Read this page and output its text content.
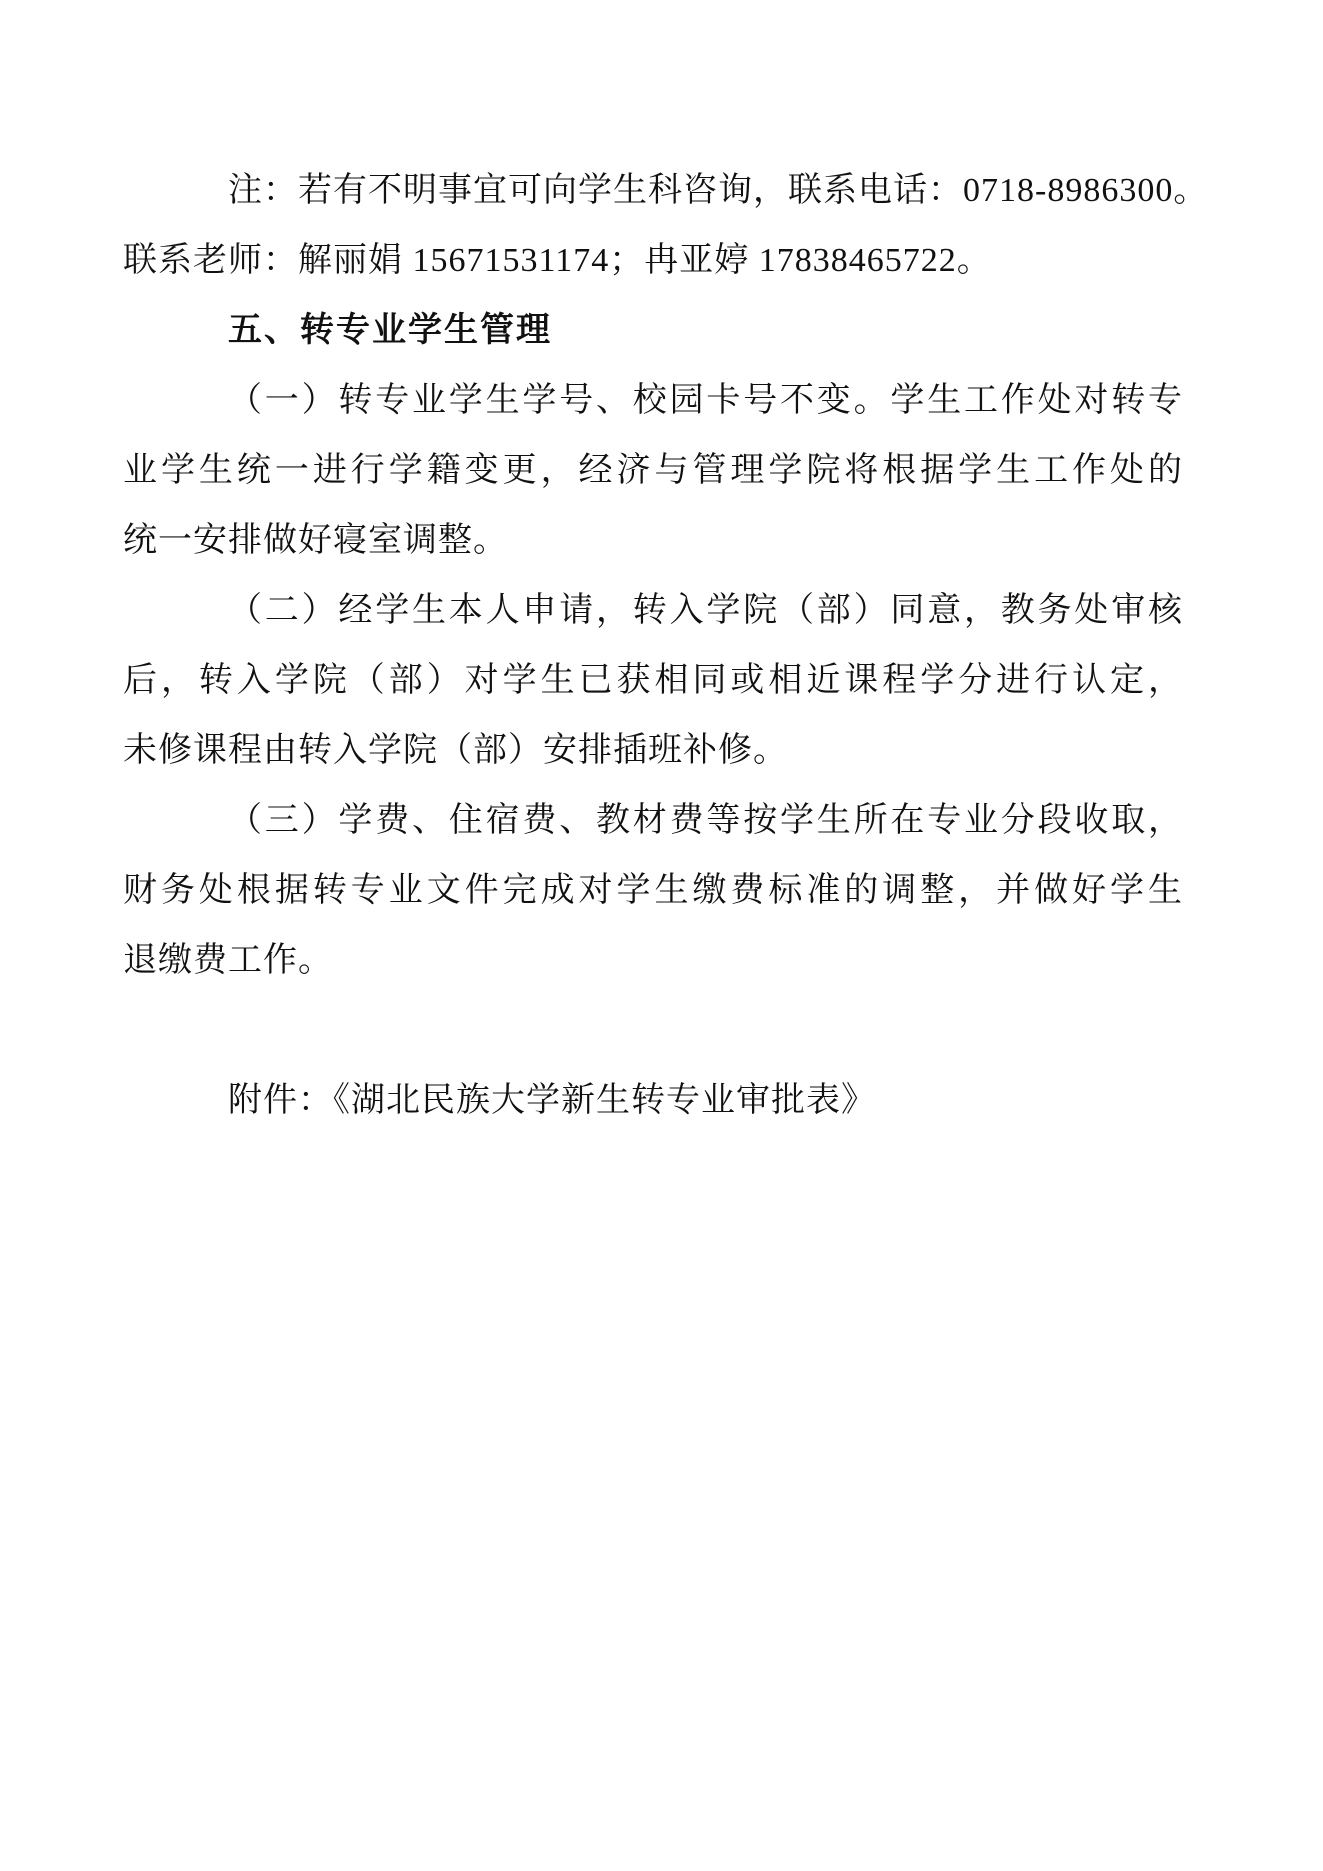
注：若有不明事宜可向学生科咨询，联系电话：0718-8986300。
联系老师：解丽娟 15671531174；冉亚婷 17838465722。
五、转专业学生管理
（一）转专业学生学号、校园卡号不变。学生工作处对转专
业学生统一进行学籍变更，经济与管理学院将根据学生工作处的
统一安排做好寝室调整。
（二）经学生本人申请，转入学院（部）同意，教务处审核
后，转入学院（部）对学生已获相同或相近课程学分进行认定，
未修课程由转入学院（部）安排插班补修。
（三）学费、住宿费、教材费等按学生所在专业分段收取，
财务处根据转专业文件完成对学生缴费标准的调整，并做好学生
退缴费工作。
附件：《湖北民族大学新生转专业审批表》
